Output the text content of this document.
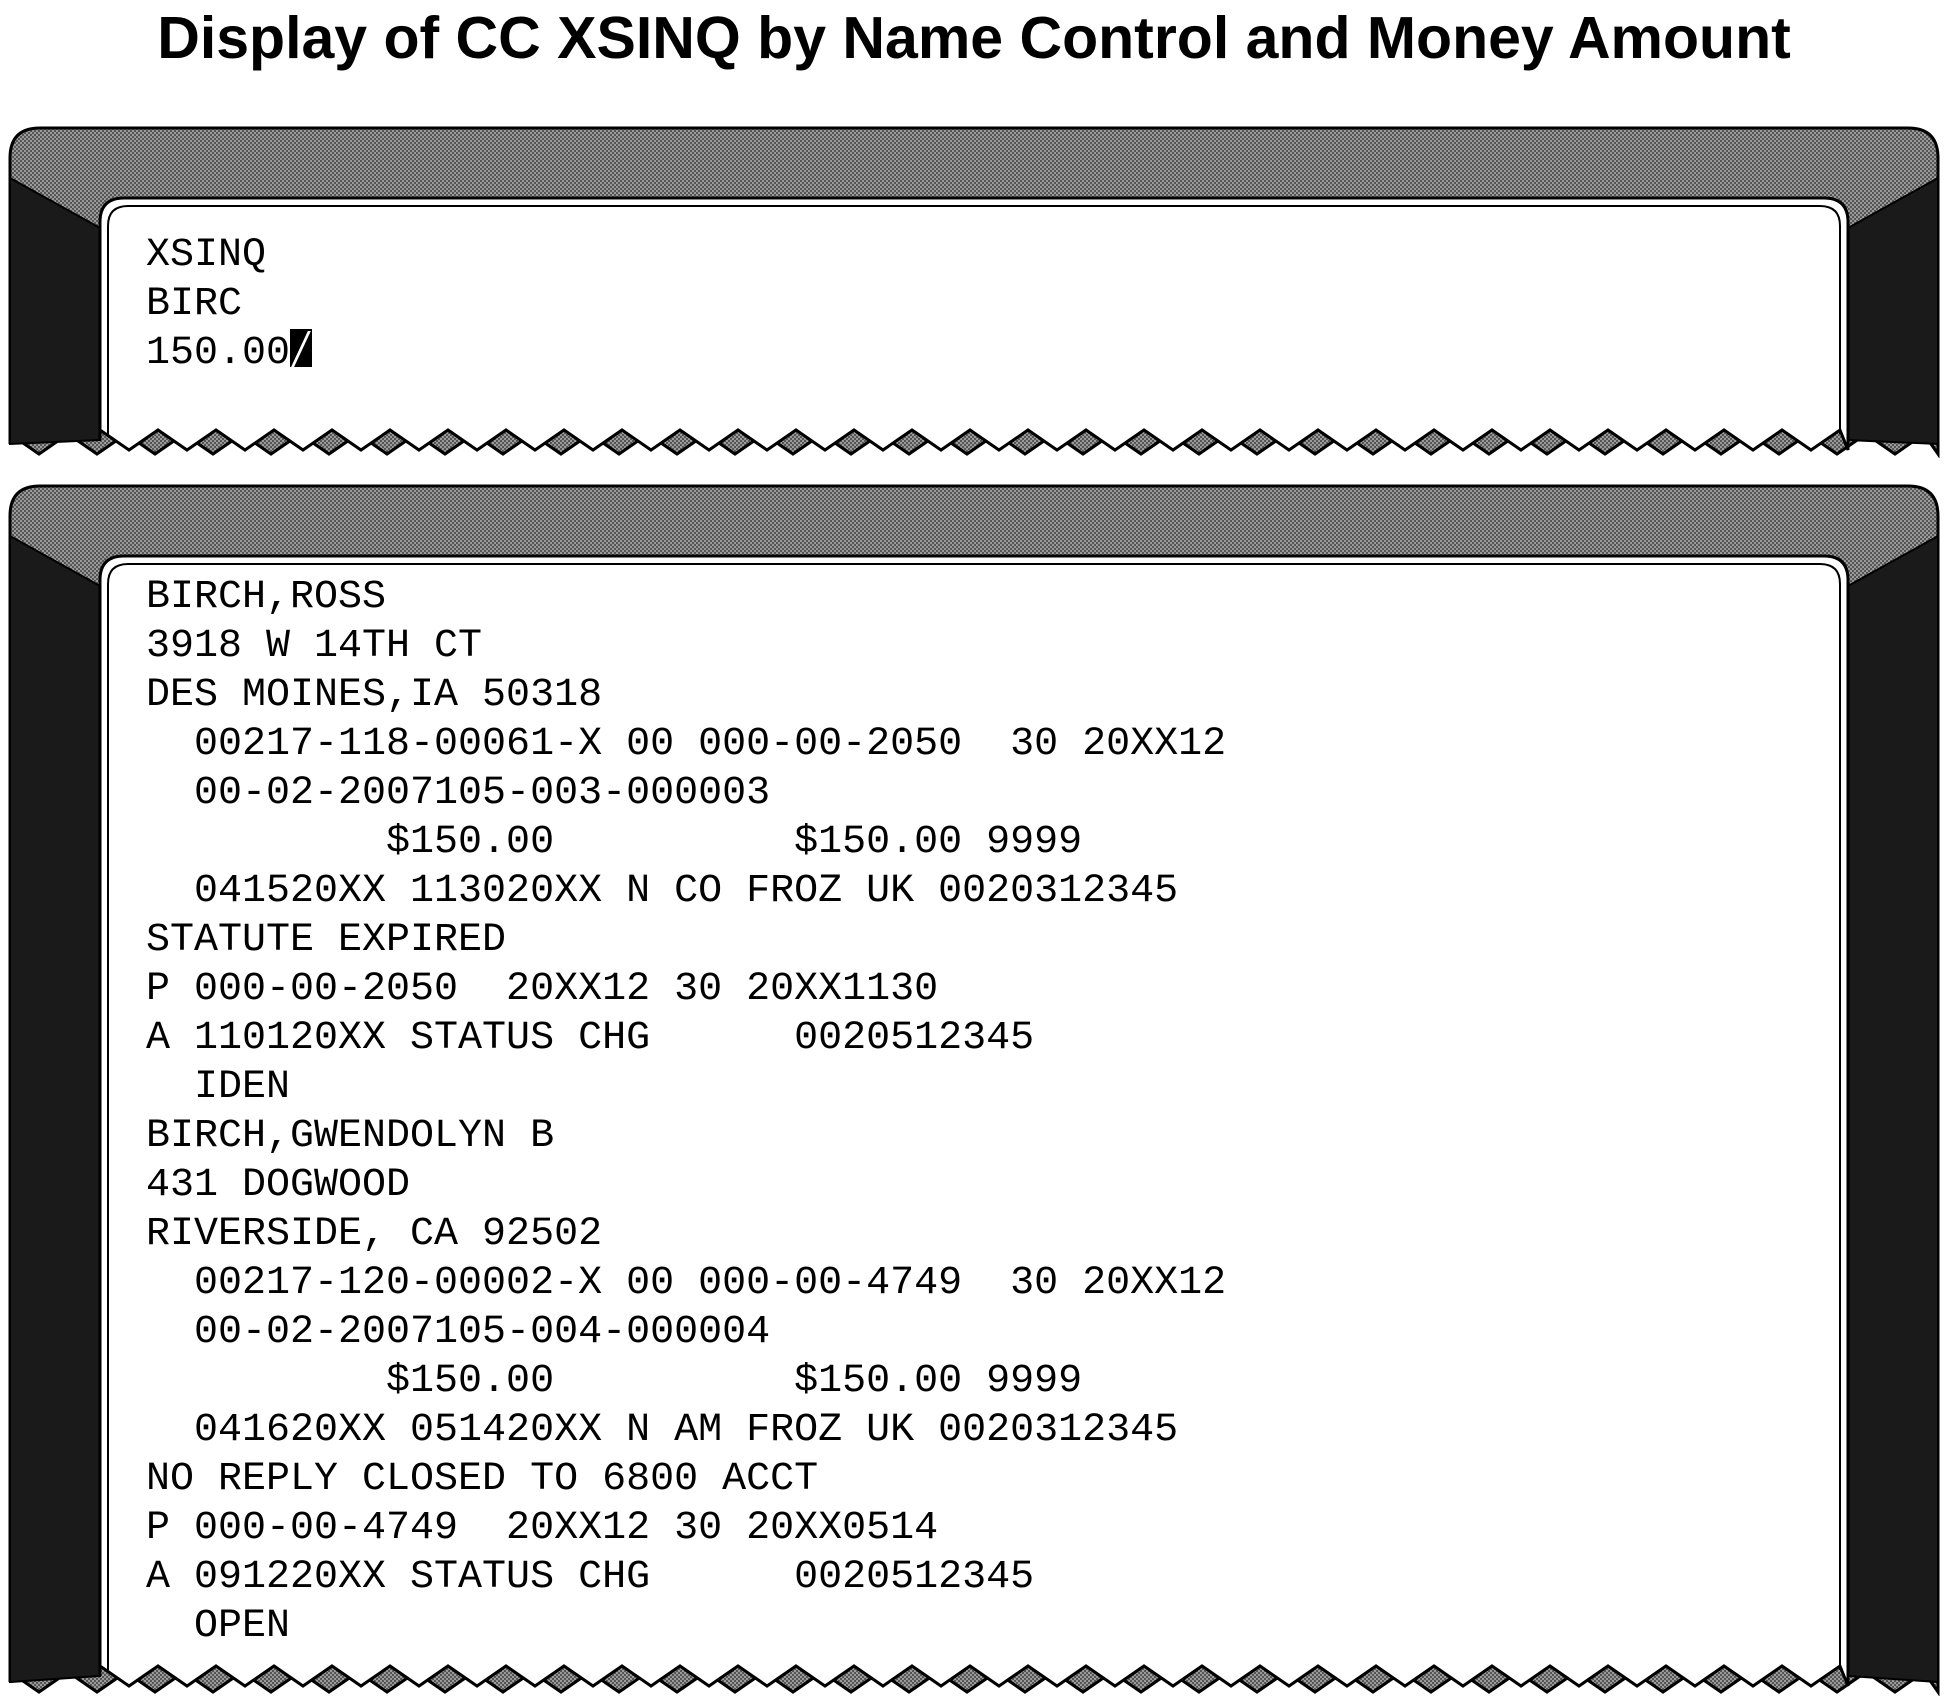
Display of CC XSINQ by Name Control and Money Amount
XSINQ
BIRC
150.00
BIRCH,ROSS
3918 W 14TH CT
DES MOINES,IA 50318
00217-118-00061-X 00 000-00-2050  30 20XX12
00-02-2007105-003-000003
$150.00          $150.00 9999
041520XX 113020XX N CO FROZ UK 0020312345
STATUTE EXPIRED
P 000-00-2050  20XX12 30 20XX1130
A 110120XX STATUS CHG      0020512345
IDEN
BIRCH,GWENDOLYN B
431 DOGWOOD
RIVERSIDE, CA 92502
00217-120-00002-X 00 000-00-4749  30 20XX12
00-02-2007105-004-000004
$150.00          $150.00 9999
041620XX 051420XX N AM FROZ UK 0020312345
NO REPLY CLOSED TO 6800 ACCT
P 000-00-4749  20XX12 30 20XX0514
A 091220XX STATUS CHG      0020512345
OPEN
